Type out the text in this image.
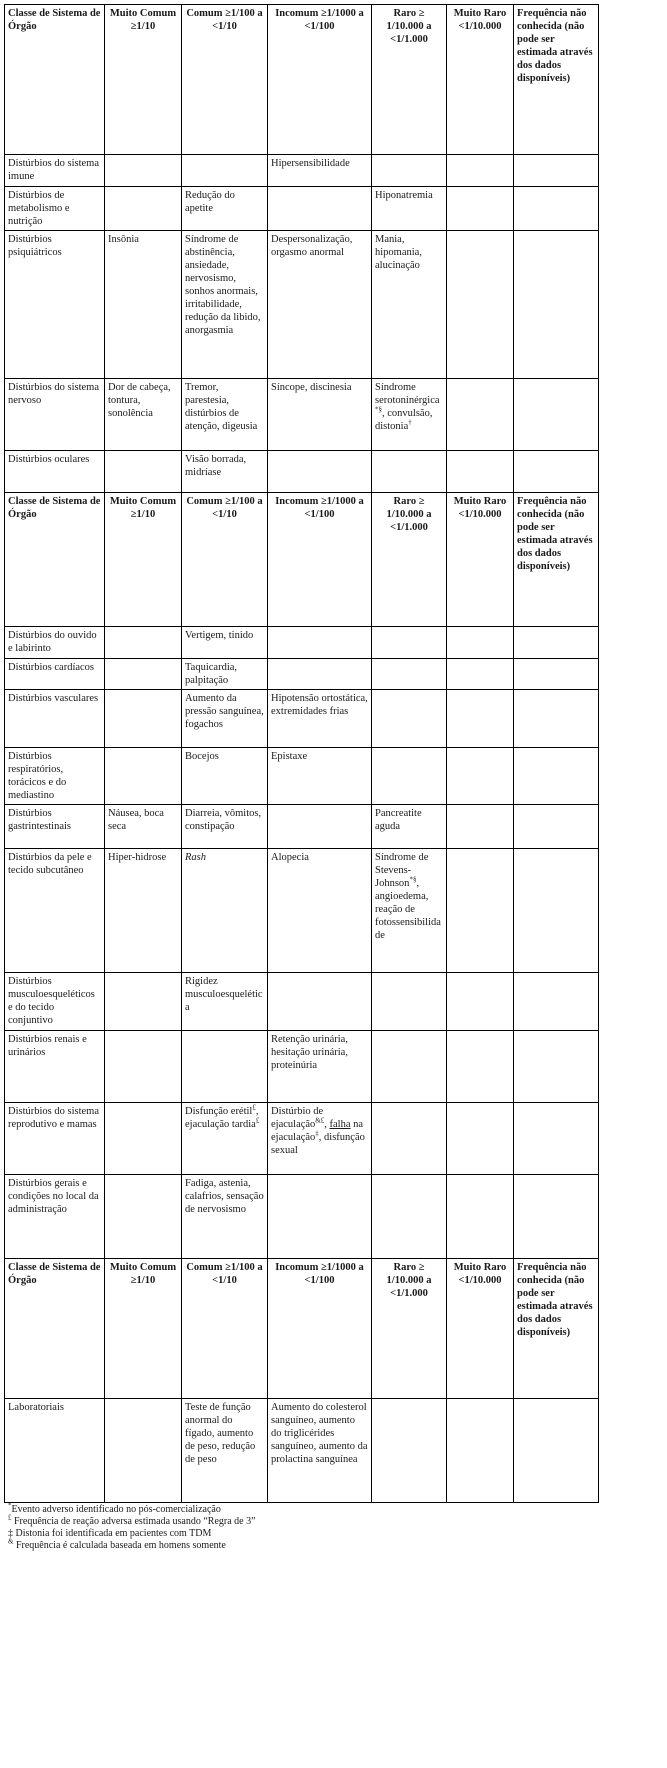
Classe de Sistema de Órgão	Muito Comum ≥1/10	Comum ≥1/100 a <1/10	Incomum ≥1/1000 a <1/100	Raro ≥ 1/10.000 a <1/1.000	Muito Raro <1/10.000	Frequência não conhecida (não pode ser estimada através dos dados disponíveis)
Distúrbios do sistema imune			Hipersensibilidade			
Distúrbios de metabolismo e nutrição		Redução do apetite		Hiponatremia		
Distúrbios psiquiátricos	Insônia	Síndrome de abstinência, ansiedade, nervosismo, sonhos anormais, irritabilidade, redução da libido, anorgasmia	Despersonalização, orgasmo anormal	Mania, hipomania, alucinação		
Distúrbios do sistema nervoso	Dor de cabeça, tontura, sonolência	Tremor, parestesia, distúrbios de atenção, digeusia	Síncope, discinesia	Síndrome serotoninérgica*§, convulsão, distonia†		
Distúrbios oculares		Visão borrada, midríase				
Classe de Sistema de Órgão	Muito Comum ≥1/10	Comum ≥1/100 a <1/10	Incomum ≥1/1000 a <1/100	Raro ≥ 1/10.000 a <1/1.000	Muito Raro <1/10.000	Frequência não conhecida (não pode ser estimada através dos dados disponíveis)
Distúrbios do ouvido e labirinto		Vertigem, tinido				
Distúrbios cardíacos		Taquicardia, palpitação				
Distúrbios vasculares		Aumento da pressão sanguínea, fogachos	Hipotensão ortostática, extremidades frias			
Distúrbios respiratórios, torácicos e do mediastino		Bocejos	Epistaxe			
Distúrbios gastrintestinais	Náusea, boca seca	Diarreia, vômitos, constipação		Pancreatite aguda		
Distúrbios da pele e tecido subcutâneo	Hiper-hidrose	Rash	Alopecia	Síndrome de Stevens-Johnson*§, angioedema, reação de fotossensibilidade		
Distúrbios musculoesqueléticos e do tecido conjuntivo		Rigidez musculoesquelética				
Distúrbios renais e urinários			Retenção urinária, hesitação urinária, proteinúria			
Distúrbios do sistema reprodutivo e mamas		Disfunção erétil£, ejaculação tardia£	Distúrbio de ejaculação&£, falha na ejaculação‡, disfunção sexual			
Distúrbios gerais e condições no local da administração		Fadiga, astenia, calafrios, sensação de nervosismo				
Classe de Sistema de Órgão	Muito Comum ≥1/10	Comum ≥1/100 a <1/10	Incomum ≥1/1000 a <1/100	Raro ≥ 1/10.000 a <1/1.000	Muito Raro <1/10.000	Frequência não conhecida (não pode ser estimada através dos dados disponíveis)
Laboratoriais		Teste de função anormal do fígado, aumento de peso, redução de peso	Aumento do colesterol sanguíneo, aumento do triglicérides sanguíneo, aumento da prolactina sanguínea			
*Evento adverso identificado no pós-comercialização
£ Frequência de reação adversa estimada usando “Regra de 3”
‡ Distonia foi identificada em pacientes com TDM
& Frequência é calculada baseada em homens somente
